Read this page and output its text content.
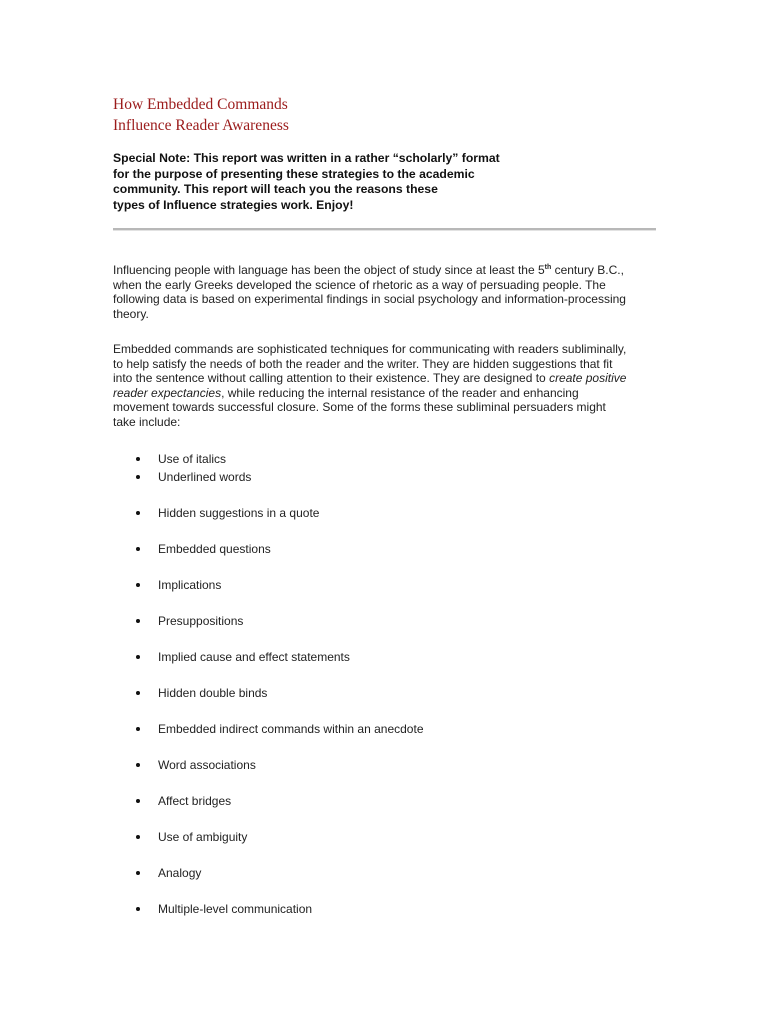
How Embedded Commands
Influence Reader Awareness

Special Note: This report was written in a rather “scholarly” format
for the purpose of presenting these strategies to the academic
community. This report will teach you the reasons these
types of Influence strategies work. Enjoy!

Influencing people with language has been the object of study since at least the 5th century B.C.,
when the early Greeks developed the science of rhetoric as a way of persuading people. The
following data is based on experimental findings in social psychology and information-processing
theory.

Embedded commands are sophisticated techniques for communicating with readers subliminally,
to help satisfy the needs of both the reader and the writer. They are hidden suggestions that fit
into the sentence without calling attention to their existence. They are designed to create positive
reader expectancies, while reducing the internal resistance of the reader and enhancing
movement towards successful closure. Some of the forms these subliminal persuaders might
take include:

Use of italics
Underlined words
Hidden suggestions in a quote
Embedded questions
Implications
Presuppositions
Implied cause and effect statements
Hidden double binds
Embedded indirect commands within an anecdote
Word associations
Affect bridges
Use of ambiguity
Analogy
Multiple-level communication
